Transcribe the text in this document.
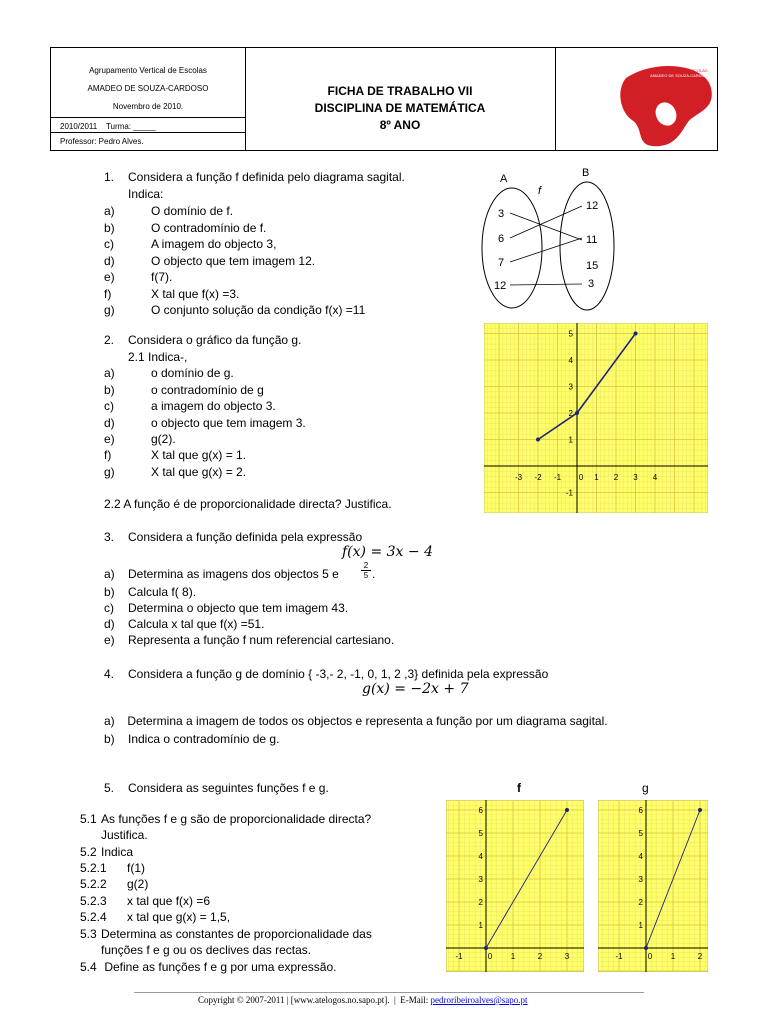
Agrupamento Vertical de Escolas
AMADEO DE SOUZA-CARDOSO
Novembro de 2010.
2010/2011    Turma: _____
Professor: Pedro Alves.
FICHA DE TRABALHO VII
DISCIPLINA DE MATEMÁTICA
8º ANO
AGRUPAMENTO DE ESCOLAS
AMADEO DE SOUZA-CARDOSO
1. Considera a função f definida pelo diagrama sagital.
Indica:
a)	O domínio de f.
b)	O contradomínio de f.
c)	A imagem do objecto 3,
d)	O objecto que tem imagem 12.
e)	f(7).
f)	X tal que f(x) =3.
g)	O conjunto solução da condição f(x) =11
A	B
f
3
6
7
12
12
11
15
3
2. Considera o gráfico da função g.
2.1 Indica-,
a)	o domínio de g.
b)	o contradomínio de g
c)	a imagem do objecto 3.
d)	o objecto que tem imagem 3.
e)	g(2).
f)	X tal que g(x) = 1.
g)	X tal que g(x) = 2.
2.2 A função é de proporcionalidade directa? Justifica.
-3 -2 -1 0 1 2 3 4
-1
1
2
3
4
5
3. Considera a função definida pela expressão
𝑓(𝑥) = 3𝑥 − 4
a) Determina as imagens dos objectos 5 e	$\frac{2}{5}$ .
b) Calcula f( 8).
c) Determina o objecto que tem imagem 43.
d) Calcula x tal que f(x) =51.
e) Representa a função f num referencial cartesiano.
4. Considera a função g de domínio { -3,- 2, -1, 0, 1, 2 ,3} definida pela expressão
𝑔(𝑥) = −2𝑥 + 7
a) Determina a imagem de todos os objectos e representa a função por um diagrama sagital.
b) Indica o contradomínio de g.
5. Considera as seguintes funções f e g.	f	g
5.1 As funções f e g são de proporcionalidade directa?
Justifica.
5.2 Indica
5.2.1 f(1)
5.2.2 g(2)
5.2.3 x tal que f(x) =6
5.2.4 x tal que g(x) = 1,5,
5.3 Determina as constantes de proporcionalidade das
funções f e g ou os declives das rectas.
5.4 Define as funções f e g por uma expressão.
-1	0 1	2	3
1
2
3
4
5
6
-1	0 1	2
1
2
3
4
5
6
Copyright © 2007-2011 | [www.atelogos.no.sapo.pt].  |  E-Mail: pedroribeiroalves@sapo.pt
